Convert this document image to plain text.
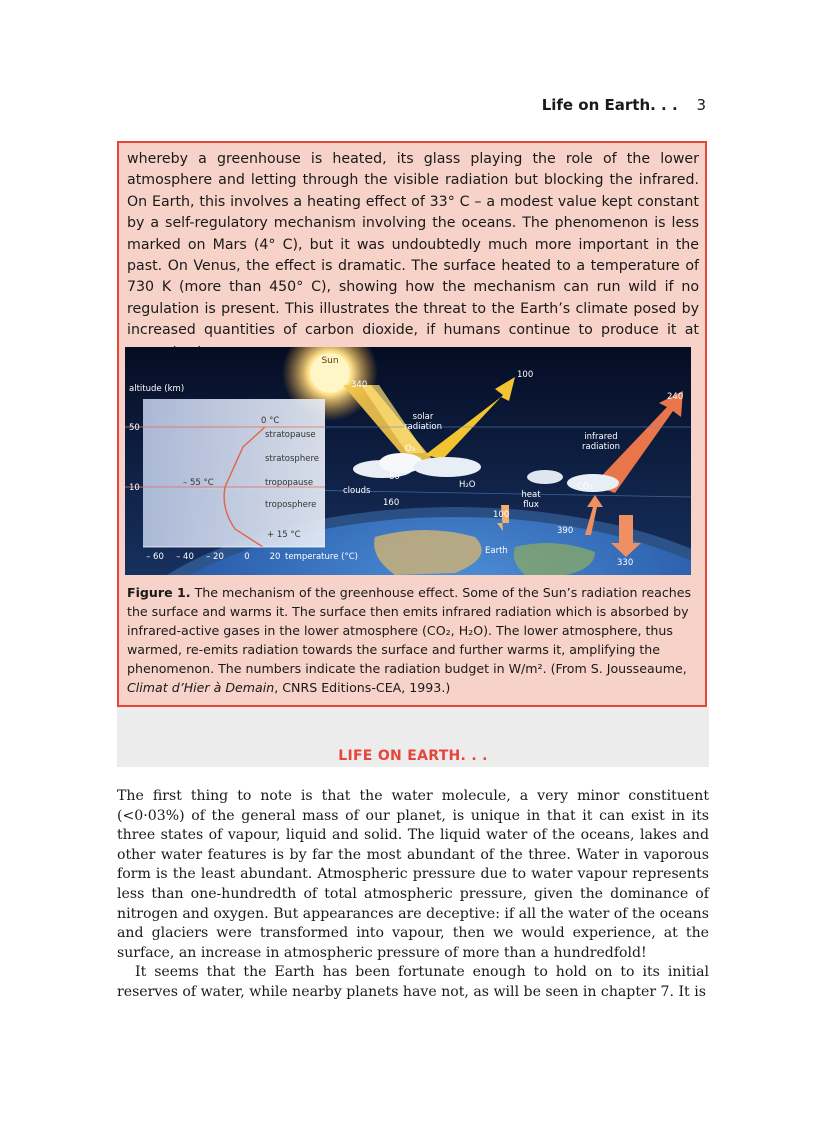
Life on Earth. . . 3

whereby a greenhouse is heated, its glass playing the role of the lower atmosphere and letting through the visible radiation but blocking the infrared. On Earth, this involves a heating effect of 33° C – a modest value kept constant by a self-regulatory mechanism involving the oceans. The phenomenon is less marked on Mars (4° C), but it was undoubtedly much more important in the past. On Venus, the effect is dramatic. The surface heated to a temperature of 730 K (more than 450° C), showing how the mechanism can run wild if no regulation is present. This illustrates the threat to the Earth’s climate posed by increased quantities of carbon dioxide, if humans continue to produce it at

Sun
altitude (km)
50
10
0 °C
stratopause
stratosphere
– 55 °C	tropopause
troposphere
+ 15 °C
– 60 – 40 – 20 0 20 temperature (°C)
solar
radiation
infrared
radiation
heat
flux
clouds
O₃
H₂O	CO₂
Earth
340
100
240
80
160
100
390
330

Figure 1. The mechanism of the greenhouse effect. Some of the Sun’s radiation reaches the surface and warms it. The surface then emits infrared radiation which is absorbed by infrared-active gases in the lower atmosphere (CO₂, H₂O). The lower atmosphere, thus warmed, re-emits radiation towards the surface and further warms it, amplifying the phenomenon. The numbers indicate the radiation budget in W/m². (From S. Jousseaume, Climat d’Hier à Demain, CNRS Editions-CEA, 1993.)

LIFE ON EARTH. . .

The first thing to note is that the water molecule, a very minor constituent (<0·03%) of the general mass of our planet, is unique in that it can exist in its three states of vapour, liquid and solid. The liquid water of the oceans, lakes and other water features is by far the most abundant of the three. Water in vaporous form is the least abundant. Atmospheric pressure due to water vapour represents less than one-hundredth of total atmospheric pressure, given the dominance of nitrogen and oxygen. But appearances are deceptive: if all the water of the oceans and glaciers were transformed into vapour, then we would experience, at the surface, an increase in atmospheric pressure of more than a hundredfold!

It seems that the Earth has been fortunate enough to hold on to its initial reserves of water, while nearby planets have not, as will be seen in chapter 7. It is
